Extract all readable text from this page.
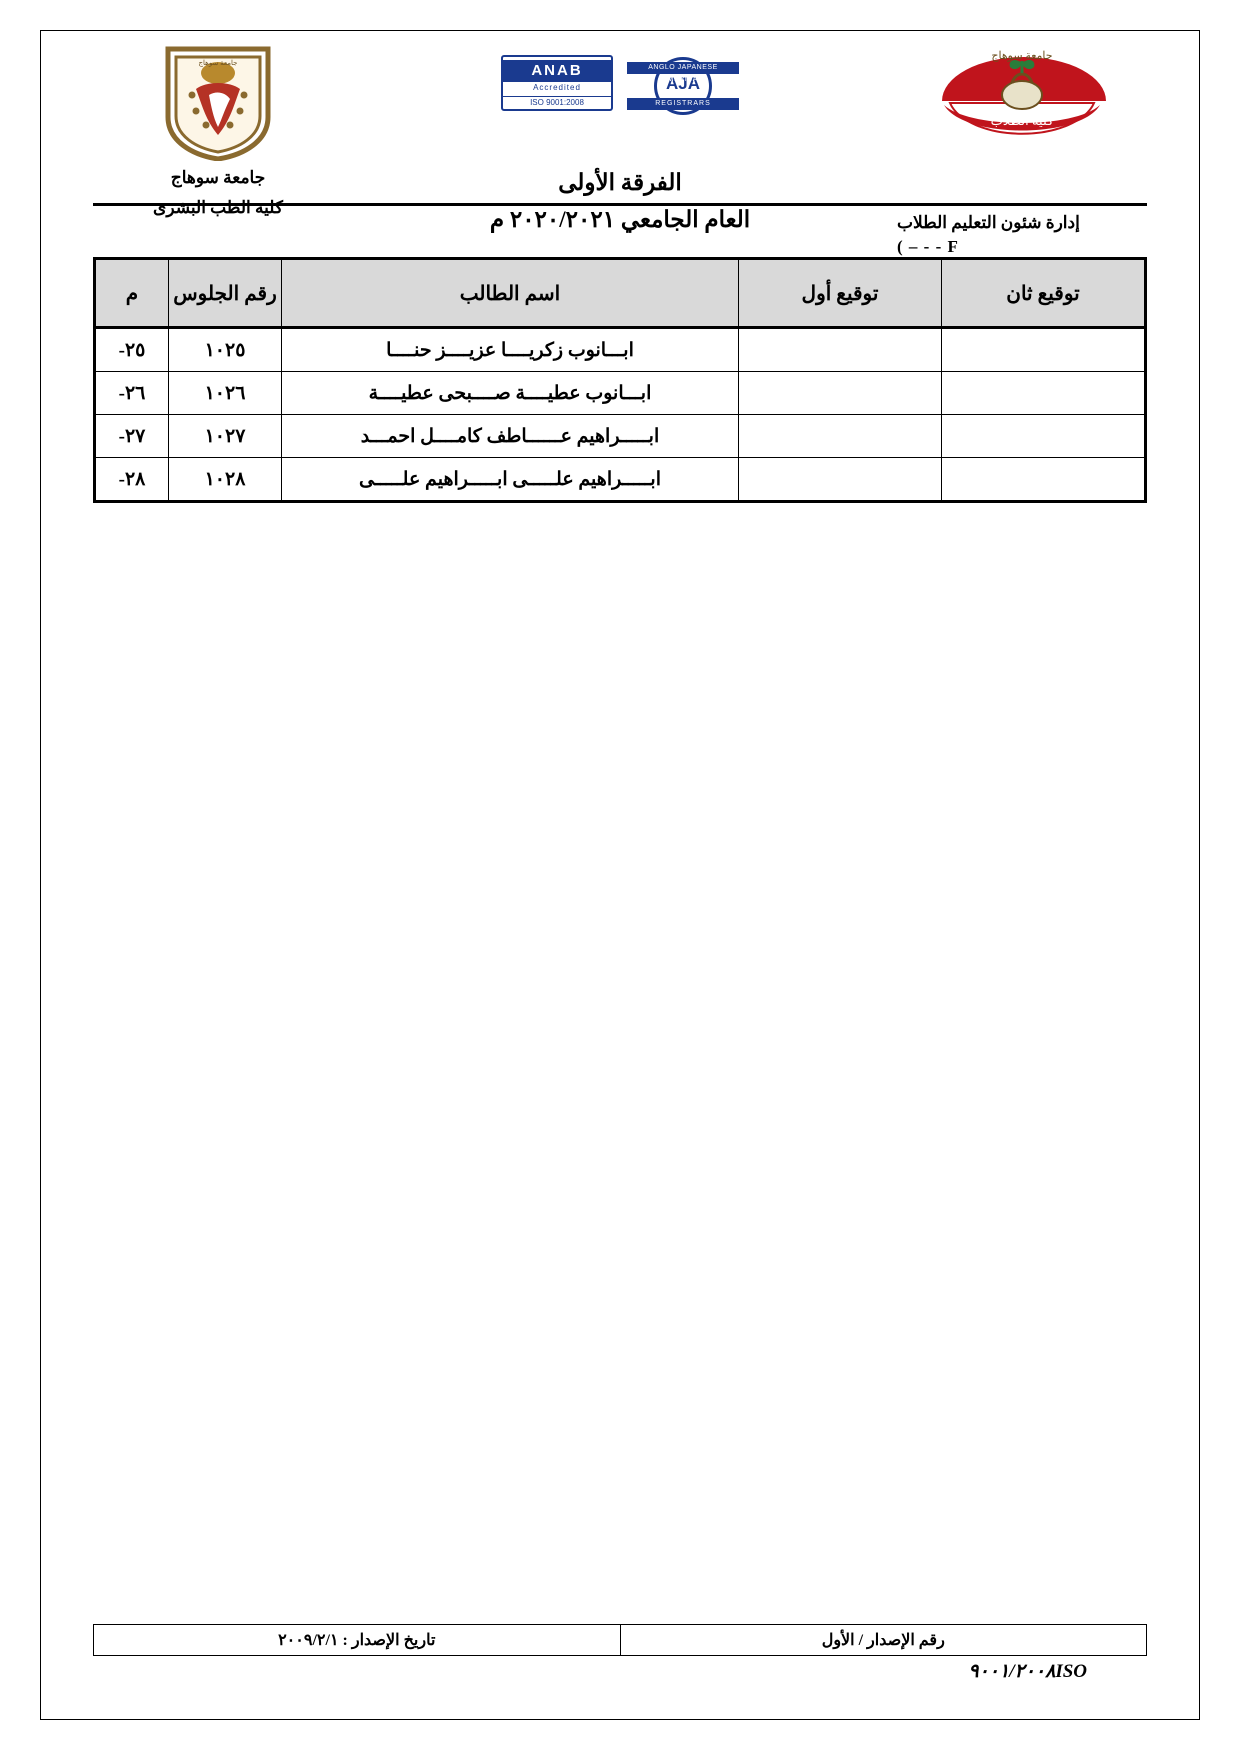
جامعة سوهاج
جامعة سوهاج
كلية الطب البشرى
AJA
ANGLO JAPANESE AMERICAN
REGISTRARS
ANAB
Accredited
ISO 9001:2008
الفرقة الأولى
العام الجامعي ٢٠٢٠/٢٠٢١ م
جامعة سوهاج
كلية الطلاب
إدارة شئون التعليم الطلاب
( – - - F
توقيع ثان	توقيع أول	اسم الطالب	رقم الجلوس	م
		ابـــانوب زكريــــا عزيــــز حنــــا	١٠٢٥	٢٥-
		ابـــانوب عطيــــة صــــبحى عطيــــة	١٠٢٦	٢٦-
		ابـــــراهيم عــــــاطف كامــــل احمـــد	١٠٢٧	٢٧-
		ابـــــراهيم علـــــى ابـــــراهيم علـــــى	١٠٢٨	٢٨-
رقم الإصدار / الأول	تاريخ الإصدار : ٢٠٠٩/٢/١
٩٠٠١/٢٠٠٨ISO
